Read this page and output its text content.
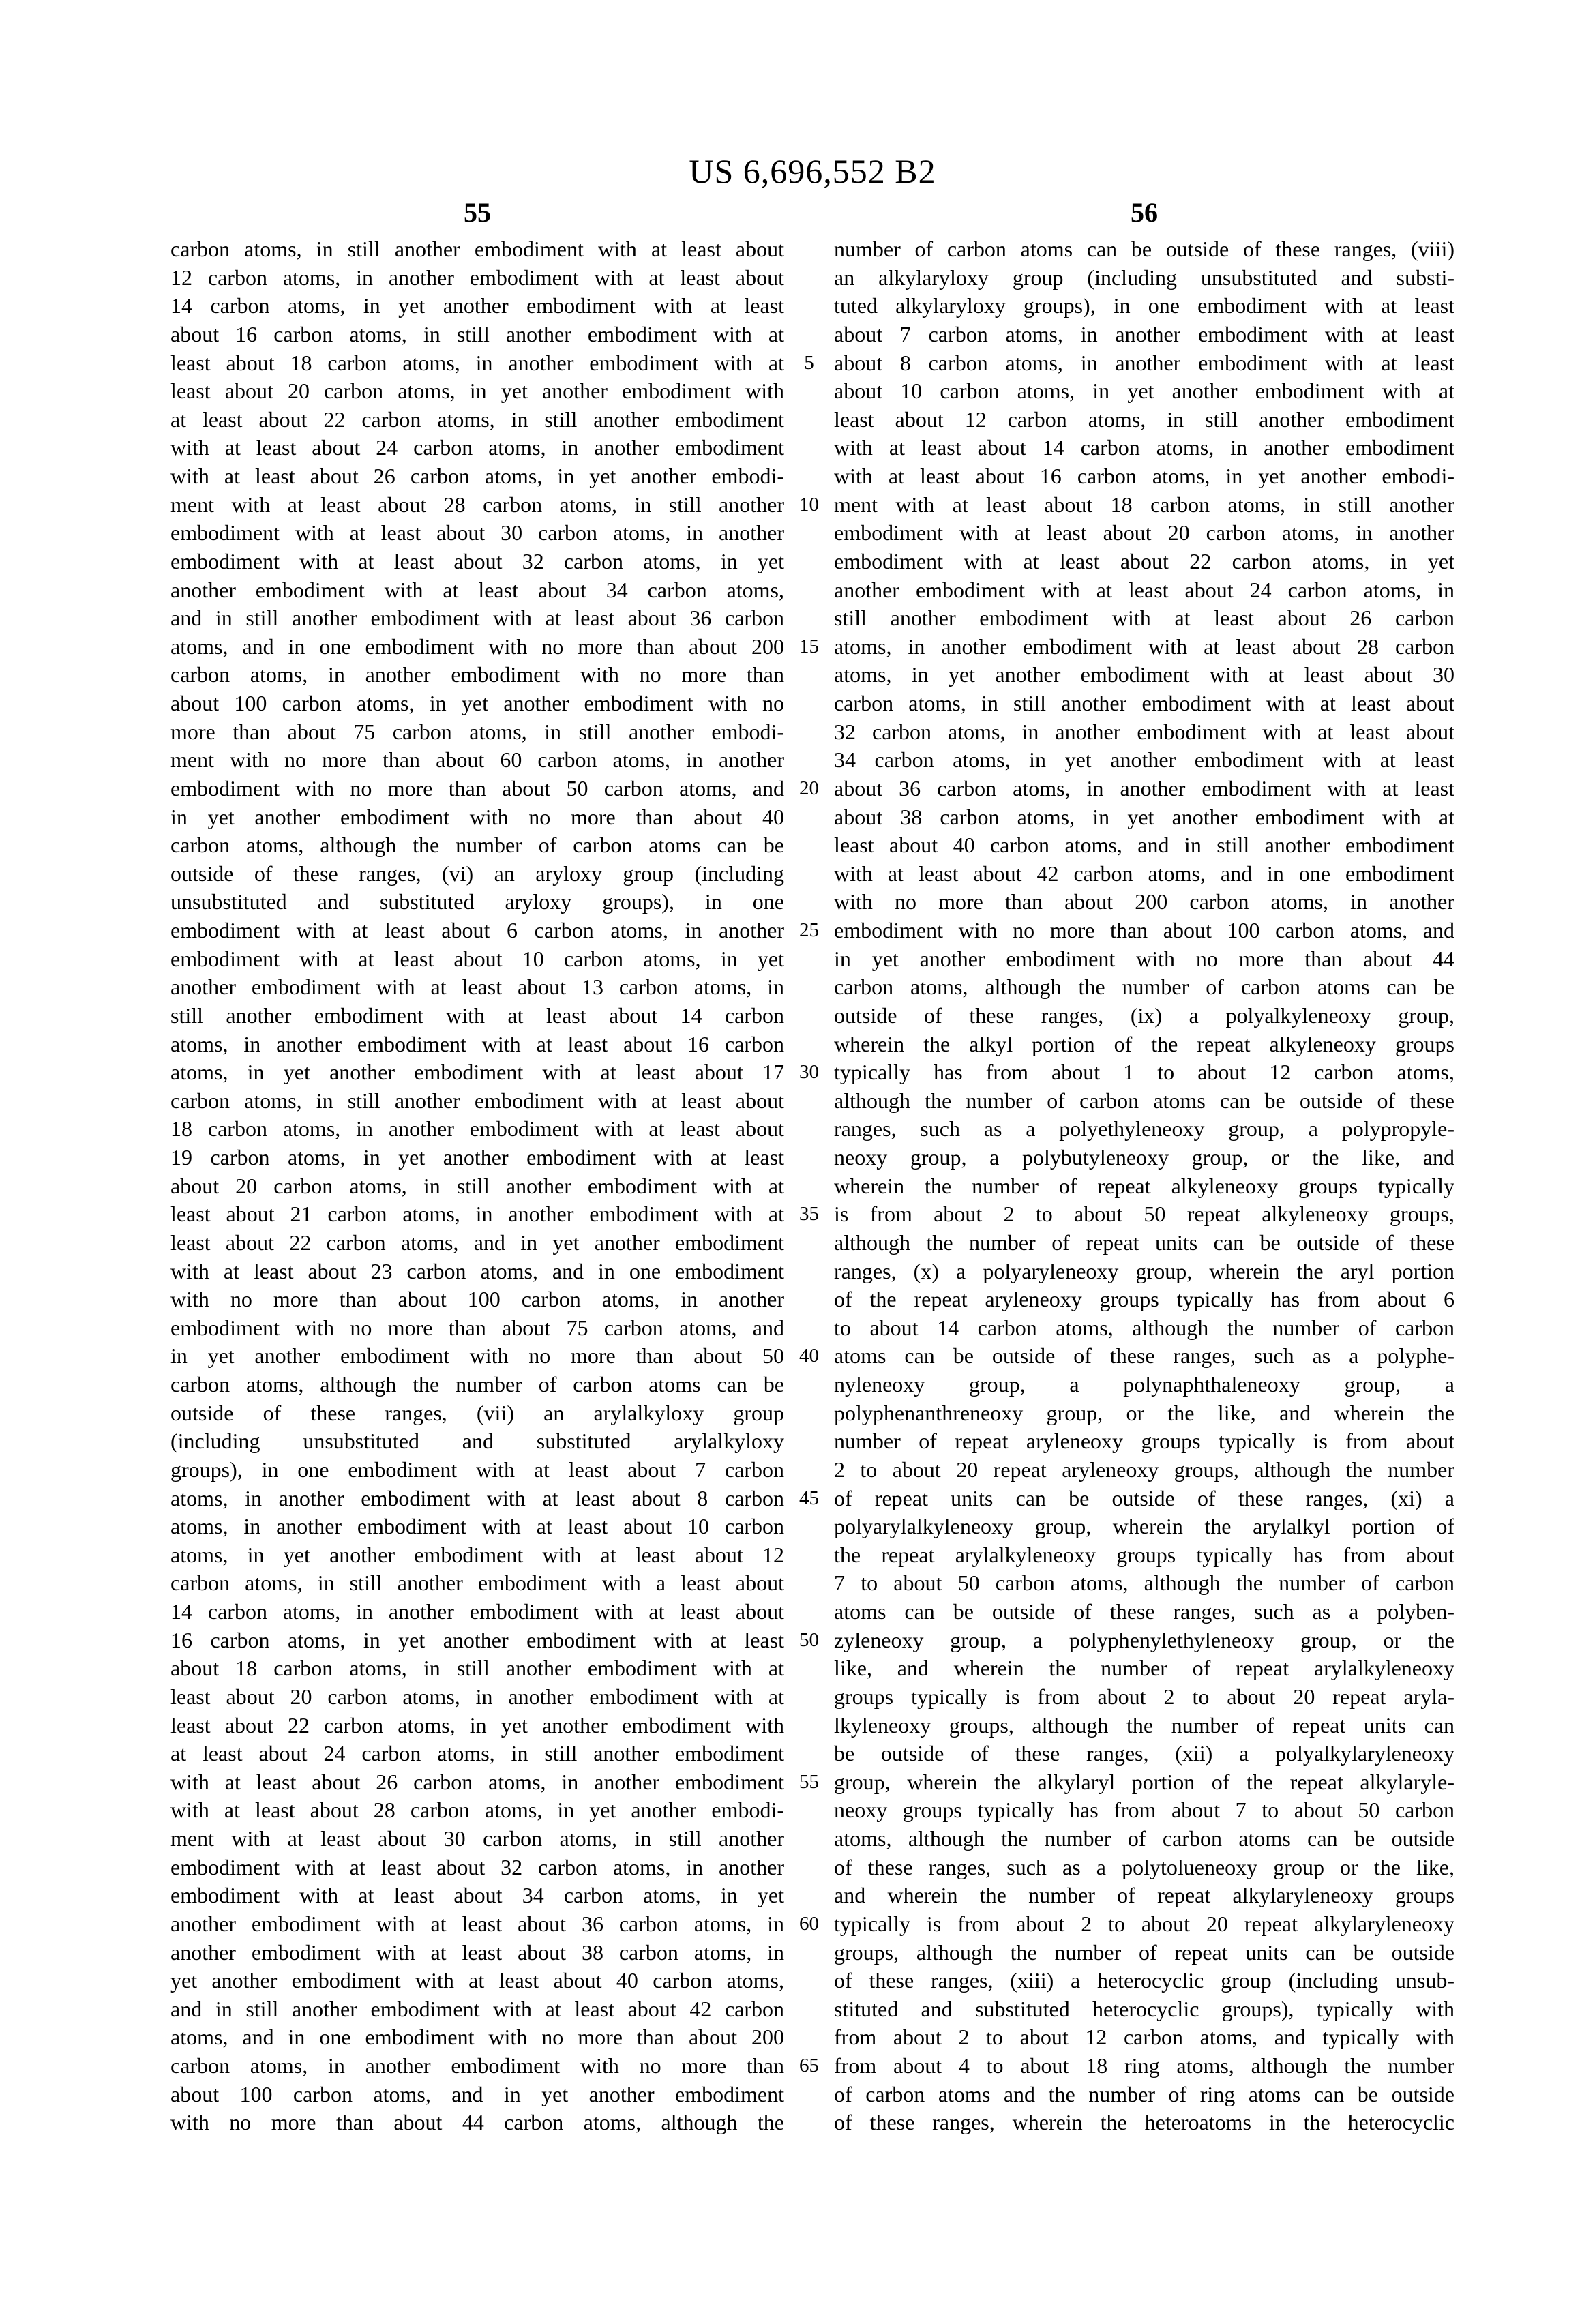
US 6,696,552 B2
55	56
carbon atoms, in still another embodiment with at least about
12 carbon atoms, in another embodiment with at least about
14 carbon atoms, in yet another embodiment with at least
about 16 carbon atoms, in still another embodiment with at
least about 18 carbon atoms, in another embodiment with at
least about 20 carbon atoms, in yet another embodiment with
at least about 22 carbon atoms, in still another embodiment
with at least about 24 carbon atoms, in another embodiment
with at least about 26 carbon atoms, in yet another embodi-
ment with at least about 28 carbon atoms, in still another
embodiment with at least about 30 carbon atoms, in another
embodiment with at least about 32 carbon atoms, in yet
another embodiment with at least about 34 carbon atoms,
and in still another embodiment with at least about 36 carbon
atoms, and in one embodiment with no more than about 200
carbon atoms, in another embodiment with no more than
about 100 carbon atoms, in yet another embodiment with no
more than about 75 carbon atoms, in still another embodi-
ment with no more than about 60 carbon atoms, in another
embodiment with no more than about 50 carbon atoms, and
in yet another embodiment with no more than about 40
carbon atoms, although the number of carbon atoms can be
outside of these ranges, (vi) an aryloxy group (including
unsubstituted and substituted aryloxy groups), in one
embodiment with at least about 6 carbon atoms, in another
embodiment with at least about 10 carbon atoms, in yet
another embodiment with at least about 13 carbon atoms, in
still another embodiment with at least about 14 carbon
atoms, in another embodiment with at least about 16 carbon
atoms, in yet another embodiment with at least about 17
carbon atoms, in still another embodiment with at least about
18 carbon atoms, in another embodiment with at least about
19 carbon atoms, in yet another embodiment with at least
about 20 carbon atoms, in still another embodiment with at
least about 21 carbon atoms, in another embodiment with at
least about 22 carbon atoms, and in yet another embodiment
with at least about 23 carbon atoms, and in one embodiment
with no more than about 100 carbon atoms, in another
embodiment with no more than about 75 carbon atoms, and
in yet another embodiment with no more than about 50
carbon atoms, although the number of carbon atoms can be
outside of these ranges, (vii) an arylalkyloxy group
(including unsubstituted and substituted arylalkyloxy
groups), in one embodiment with at least about 7 carbon
atoms, in another embodiment with at least about 8 carbon
atoms, in another embodiment with at least about 10 carbon
atoms, in yet another embodiment with at least about 12
carbon atoms, in still another embodiment with a least about
14 carbon atoms, in another embodiment with at least about
16 carbon atoms, in yet another embodiment with at least
about 18 carbon atoms, in still another embodiment with at
least about 20 carbon atoms, in another embodiment with at
least about 22 carbon atoms, in yet another embodiment with
at least about 24 carbon atoms, in still another embodiment
with at least about 26 carbon atoms, in another embodiment
with at least about 28 carbon atoms, in yet another embodi-
ment with at least about 30 carbon atoms, in still another
embodiment with at least about 32 carbon atoms, in another
embodiment with at least about 34 carbon atoms, in yet
another embodiment with at least about 36 carbon atoms, in
another embodiment with at least about 38 carbon atoms, in
yet another embodiment with at least about 40 carbon atoms,
and in still another embodiment with at least about 42 carbon
atoms, and in one embodiment with no more than about 200
carbon atoms, in another embodiment with no more than
about 100 carbon atoms, and in yet another embodiment
with no more than about 44 carbon atoms, although the
5
10
15
20
25
30
35
40
45
50
55
60
65
number of carbon atoms can be outside of these ranges, (viii)
an alkylaryloxy group (including unsubstituted and substi-
tuted alkylaryloxy groups), in one embodiment with at least
about 7 carbon atoms, in another embodiment with at least
about 8 carbon atoms, in another embodiment with at least
about 10 carbon atoms, in yet another embodiment with at
least about 12 carbon atoms, in still another embodiment
with at least about 14 carbon atoms, in another embodiment
with at least about 16 carbon atoms, in yet another embodi-
ment with at least about 18 carbon atoms, in still another
embodiment with at least about 20 carbon atoms, in another
embodiment with at least about 22 carbon atoms, in yet
another embodiment with at least about 24 carbon atoms, in
still another embodiment with at least about 26 carbon
atoms, in another embodiment with at least about 28 carbon
atoms, in yet another embodiment with at least about 30
carbon atoms, in still another embodiment with at least about
32 carbon atoms, in another embodiment with at least about
34 carbon atoms, in yet another embodiment with at least
about 36 carbon atoms, in another embodiment with at least
about 38 carbon atoms, in yet another embodiment with at
least about 40 carbon atoms, and in still another embodiment
with at least about 42 carbon atoms, and in one embodiment
with no more than about 200 carbon atoms, in another
embodiment with no more than about 100 carbon atoms, and
in yet another embodiment with no more than about 44
carbon atoms, although the number of carbon atoms can be
outside of these ranges, (ix) a polyalkyleneoxy group,
wherein the alkyl portion of the repeat alkyleneoxy groups
typically has from about 1 to about 12 carbon atoms,
although the number of carbon atoms can be outside of these
ranges, such as a polyethyleneoxy group, a polypropyle-
neoxy group, a polybutyleneoxy group, or the like, and
wherein the number of repeat alkyleneoxy groups typically
is from about 2 to about 50 repeat alkyleneoxy groups,
although the number of repeat units can be outside of these
ranges, (x) a polyaryleneoxy group, wherein the aryl portion
of the repeat aryleneoxy groups typically has from about 6
to about 14 carbon atoms, although the number of carbon
atoms can be outside of these ranges, such as a polyphe-
nyleneoxy group, a polynaphthaleneoxy group, a
polyphenanthreneoxy group, or the like, and wherein the
number of repeat aryleneoxy groups typically is from about
2 to about 20 repeat aryleneoxy groups, although the number
of repeat units can be outside of these ranges, (xi) a
polyarylalkyleneoxy group, wherein the arylalkyl portion of
the repeat arylalkyleneoxy groups typically has from about
7 to about 50 carbon atoms, although the number of carbon
atoms can be outside of these ranges, such as a polyben-
zyleneoxy group, a polyphenylethyleneoxy group, or the
like, and wherein the number of repeat arylalkyleneoxy
groups typically is from about 2 to about 20 repeat aryla-
lkyleneoxy groups, although the number of repeat units can
be outside of these ranges, (xii) a polyalkylaryleneoxy
group, wherein the alkylaryl portion of the repeat alkylaryle-
neoxy groups typically has from about 7 to about 50 carbon
atoms, although the number of carbon atoms can be outside
of these ranges, such as a polytolueneoxy group or the like,
and wherein the number of repeat alkylaryleneoxy groups
typically is from about 2 to about 20 repeat alkylaryleneoxy
groups, although the number of repeat units can be outside
of these ranges, (xiii) a heterocyclic group (including unsub-
stituted and substituted heterocyclic groups), typically with
from about 2 to about 12 carbon atoms, and typically with
from about 4 to about 18 ring atoms, although the number
of carbon atoms and the number of ring atoms can be outside
of these ranges, wherein the heteroatoms in the heterocyclic
